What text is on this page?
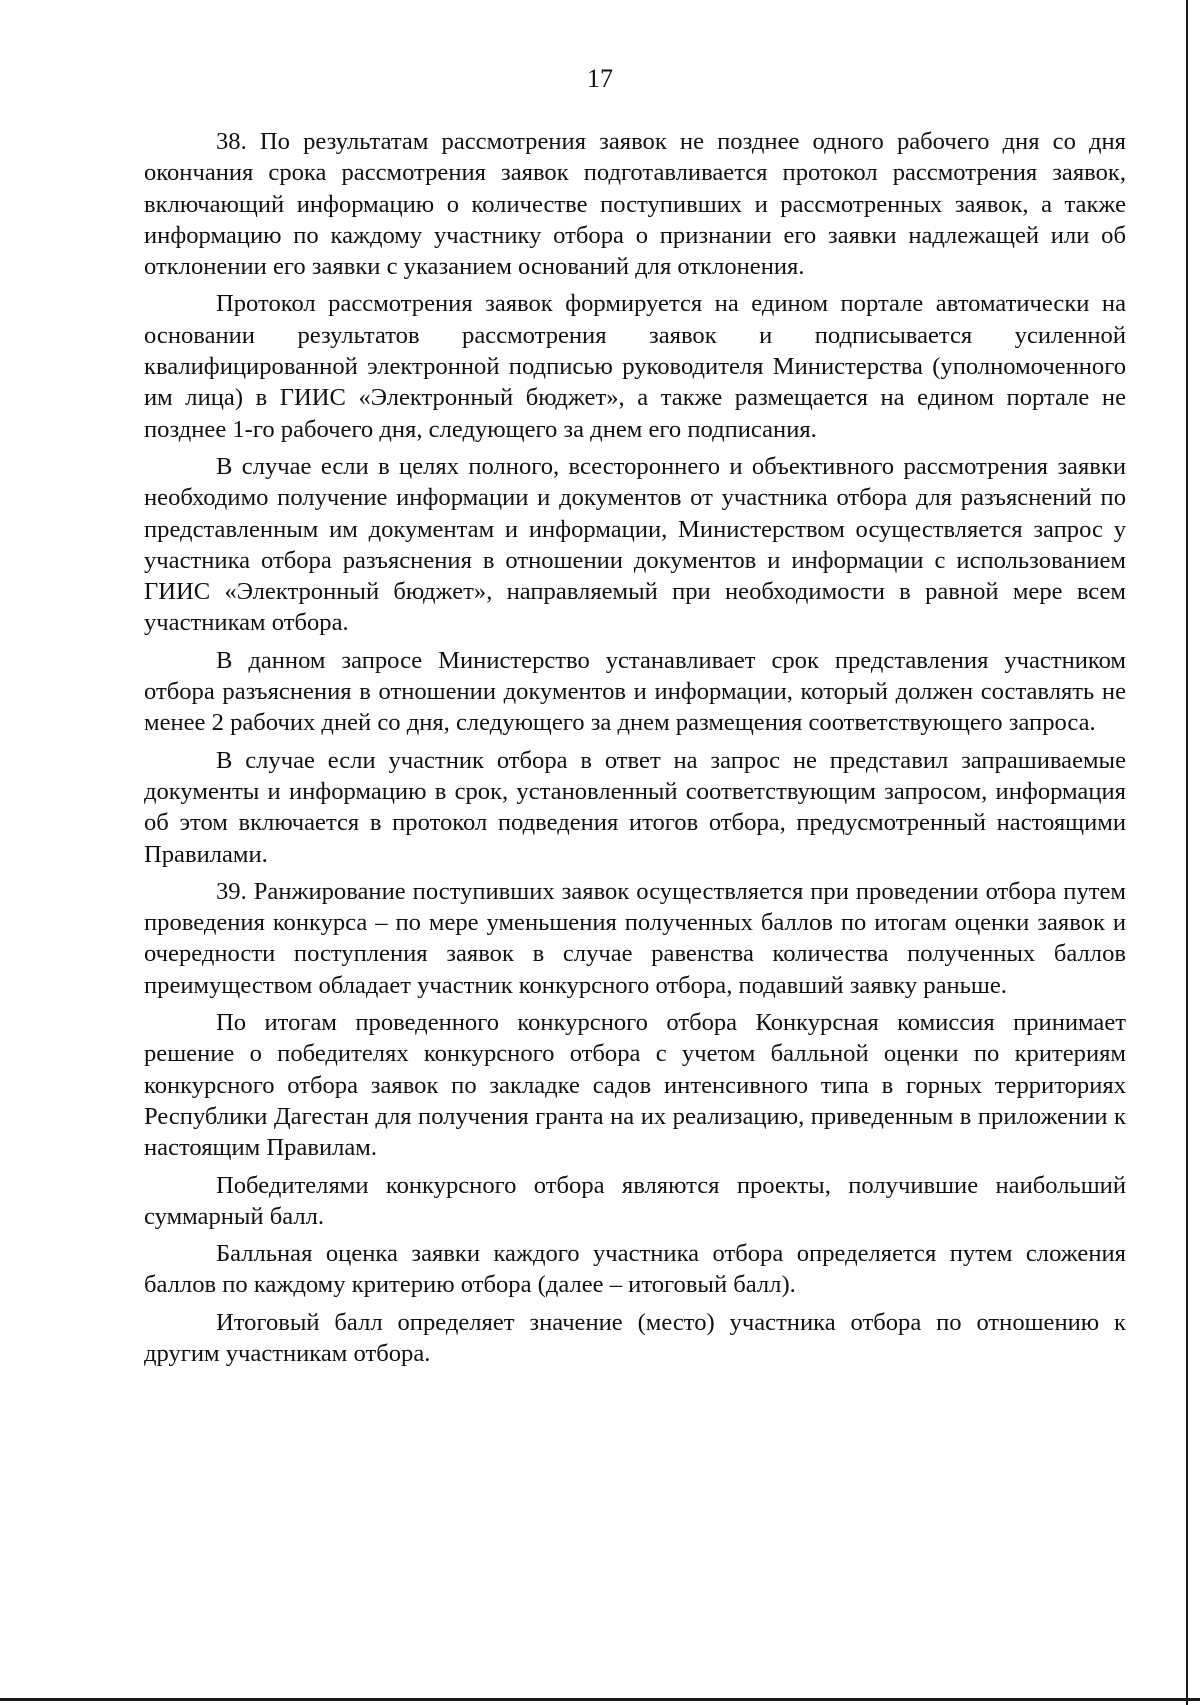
17

38. По результатам рассмотрения заявок не позднее одного рабочего дня со дня окончания срока рассмотрения заявок подготавливается протокол рассмотрения заявок, включающий информацию о количестве поступивших и рассмотренных заявок, а также информацию по каждому участнику отбора о признании его заявки надлежащей или об отклонении его заявки с указанием оснований для отклонения.

Протокол рассмотрения заявок формируется на едином портале автоматически на основании результатов рассмотрения заявок и подписывается усиленной квалифицированной электронной подписью руководителя Министерства (уполномоченного им лица) в ГИИС «Электронный бюджет», а также размещается на едином портале не позднее 1-го рабочего дня, следующего за днем его подписания.

В случае если в целях полного, всестороннего и объективного рассмотрения заявки необходимо получение информации и документов от участника отбора для разъяснений по представленным им документам и информации, Министерством осуществляется запрос у участника отбора разъяснения в отношении документов и информации с использованием ГИИС «Электронный бюджет», направляемый при необходимости в равной мере всем участникам отбора.

В данном запросе Министерство устанавливает срок представления участником отбора разъяснения в отношении документов и информации, который должен составлять не менее 2 рабочих дней со дня, следующего за днем размещения соответствующего запроса.

В случае если участник отбора в ответ на запрос не представил запрашиваемые документы и информацию в срок, установленный соответствующим запросом, информация об этом включается в протокол подведения итогов отбора, предусмотренный настоящими Правилами.

39. Ранжирование поступивших заявок осуществляется при проведении отбора путем проведения конкурса – по мере уменьшения полученных баллов по итогам оценки заявок и очередности поступления заявок в случае равенства количества полученных баллов преимуществом обладает участник конкурсного отбора, подавший заявку раньше.

По итогам проведенного конкурсного отбора Конкурсная комиссия принимает решение о победителях конкурсного отбора с учетом балльной оценки по критериям конкурсного отбора заявок по закладке садов интенсивного типа в горных территориях Республики Дагестан для получения гранта на их реализацию, приведенным в приложении к настоящим Правилам.

Победителями конкурсного отбора являются проекты, получившие наибольший суммарный балл.

Балльная оценка заявки каждого участника отбора определяется путем сложения баллов по каждому критерию отбора (далее – итоговый балл).

Итоговый балл определяет значение (место) участника отбора по отношению к другим участникам отбора.
